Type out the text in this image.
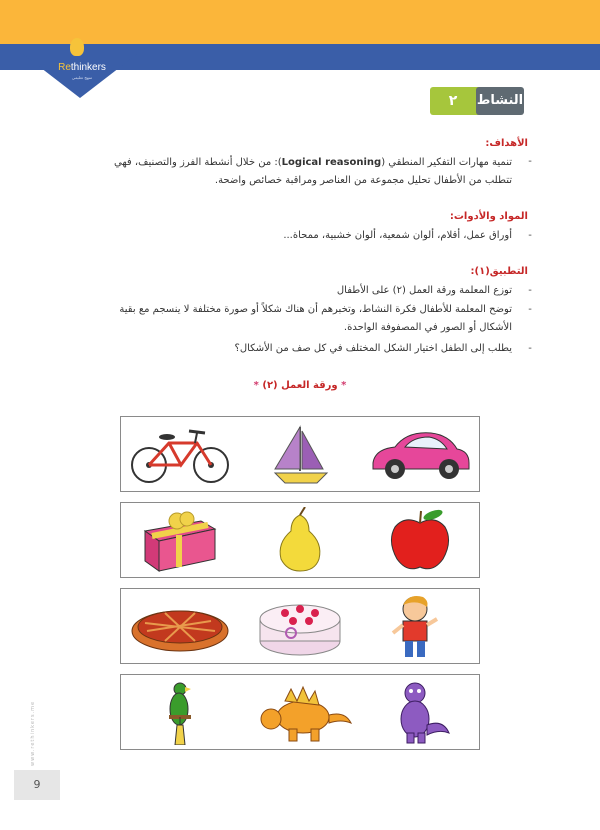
Rethinkers
منهج تعليمي
٢	النشاط
الأهداف:
-
تنمية مهارات التفكير المنطقي (Logical reasoning): من خلال أنشطة الفرز والتصنيف، فهي
تتطلب من الأطفال تحليل مجموعة من العناصر ومراقبة خصائص واضحة.
المواد والأدوات:
-
أوراق عمل، أقلام، ألوان شمعية، ألوان خشبية، ممحاة...
التطبيق(١):
-
توزع المعلمة ورقة العمل (٢) على الأطفال
-
توضح المعلمة للأطفال فكرة النشاط، وتخبرهم أن هناك شكلاً أو صورة مختلفة لا ينسجم مع بقية
الأشكال أو الصور في المصفوفة الواحدة.
-
يطلب إلى الطفل اختيار الشكل المختلف في كل صف من الأشكال؟
* ورقة العمل (٢) *
www.rethinkers.me
9
